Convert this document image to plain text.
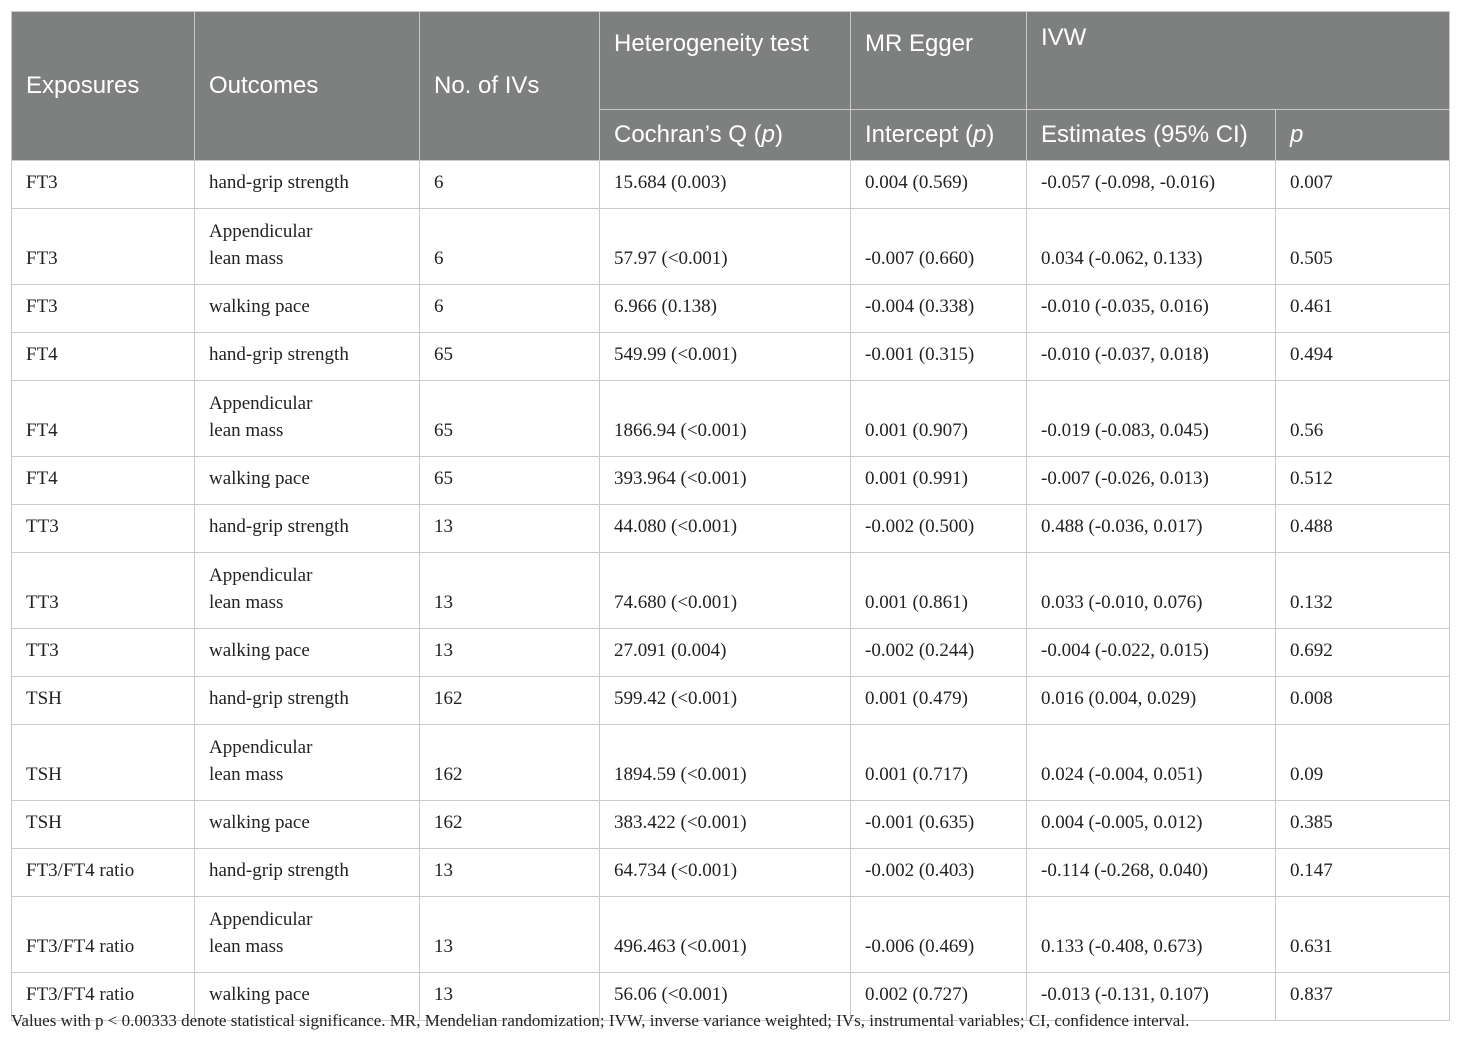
Exposures	Outcomes	No. of IVs	Heterogeneity test	MR Egger	IVW	
			Cochran’s Q (p)	Intercept (p)	Estimates (95% CI)	p
FT3	hand-grip strength	6	15.684 (0.003)	0.004 (0.569)	-0.057 (-0.098, -0.016)	0.007
FT3	Appendicular
lean mass	6	57.97 (<0.001)	-0.007 (0.660)	0.034 (-0.062, 0.133)	0.505
FT3	walking pace	6	6.966 (0.138)	-0.004 (0.338)	-0.010 (-0.035, 0.016)	0.461
FT4	hand-grip strength	65	549.99 (<0.001)	-0.001 (0.315)	-0.010 (-0.037, 0.018)	0.494
FT4	Appendicular
lean mass	65	1866.94 (<0.001)	0.001 (0.907)	-0.019 (-0.083, 0.045)	0.56
FT4	walking pace	65	393.964 (<0.001)	0.001 (0.991)	-0.007 (-0.026, 0.013)	0.512
TT3	hand-grip strength	13	44.080 (<0.001)	-0.002 (0.500)	0.488 (-0.036, 0.017)	0.488
TT3	Appendicular
lean mass	13	74.680 (<0.001)	0.001 (0.861)	0.033 (-0.010, 0.076)	0.132
TT3	walking pace	13	27.091 (0.004)	-0.002 (0.244)	-0.004 (-0.022, 0.015)	0.692
TSH	hand-grip strength	162	599.42 (<0.001)	0.001 (0.479)	0.016 (0.004, 0.029)	0.008
TSH	Appendicular
lean mass	162	1894.59 (<0.001)	0.001 (0.717)	0.024 (-0.004, 0.051)	0.09
TSH	walking pace	162	383.422 (<0.001)	-0.001 (0.635)	0.004 (-0.005, 0.012)	0.385
FT3/FT4 ratio	hand-grip strength	13	64.734 (<0.001)	-0.002 (0.403)	-0.114 (-0.268, 0.040)	0.147
FT3/FT4 ratio	Appendicular
lean mass	13	496.463 (<0.001)	-0.006 (0.469)	0.133 (-0.408, 0.673)	0.631
FT3/FT4 ratio	walking pace	13	56.06 (<0.001)	0.002 (0.727)	-0.013 (-0.131, 0.107)	0.837
Values with p < 0.00333 denote statistical significance. MR, Mendelian randomization; IVW, inverse variance weighted; IVs, instrumental variables; CI, confidence interval.
